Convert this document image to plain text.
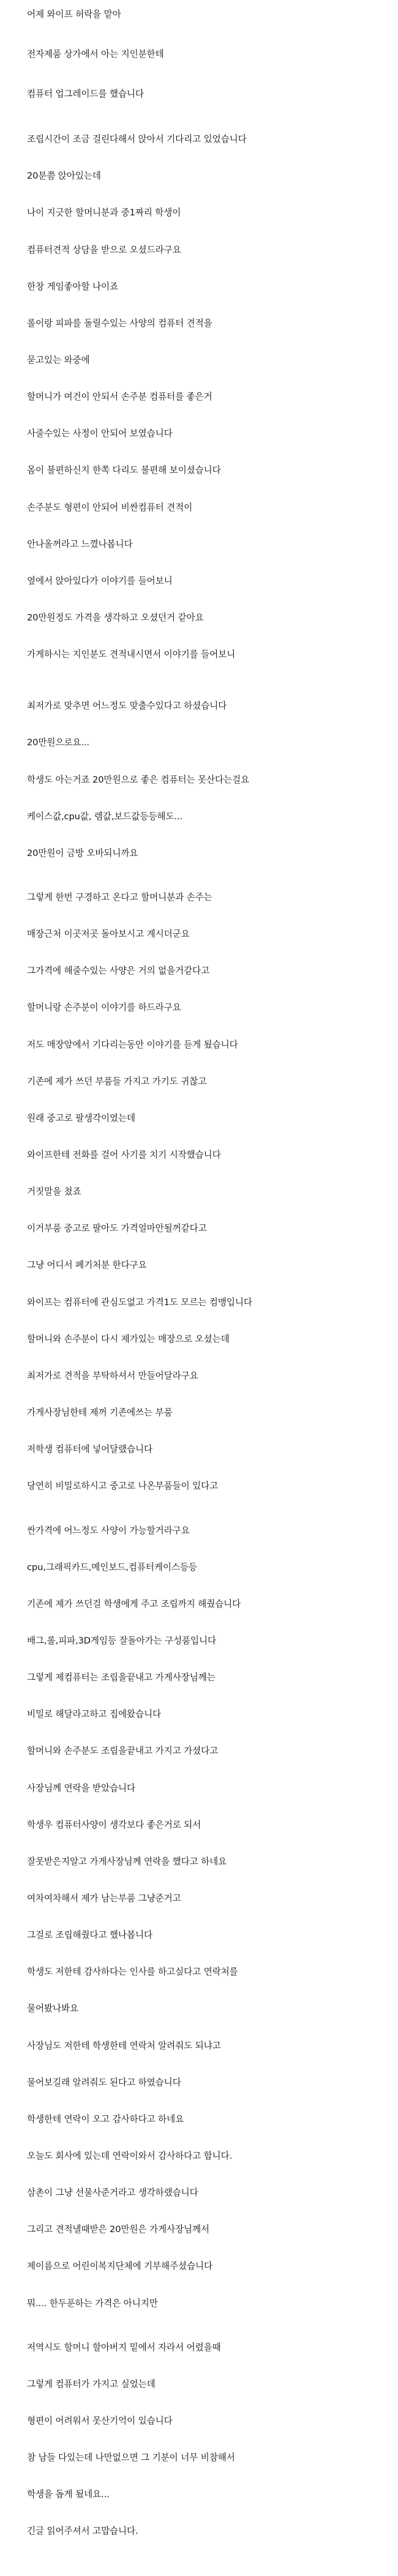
어제 와이프 허락을 맡아
전자제품 상가에서 아는 지인분한테
컴퓨터 업그레이드를 했습니다
조립시간이 조금 걸린다해서 앉아서 기다리고 있었습니다
20분쯤 앉아있는데
나이 지긋한 할머니분과 중1짜리 학생이
컴퓨터견적 상담을 받으로 오셨드라구요
한창 게임좋아할 나이죠
롤이랑 피파를 돌릴수있는 사양의 컴퓨터 견적을
묻고있는 와중에
할머니가 여건이 안되서 손주분 컴퓨터를 좋은거
사줄수있는 사정이 안되어 보였습니다
몸이 불편하신지 한쪽 다리도 불편해 보이셨습니다
손주분도 형편이 안되어 비싼컴퓨터 견적이
안나올꺼라고 느꼈나봅니다
옆에서 앉아있다가 이야기를 들어보니
20만원정도 가격을 생각하고 오셨던거 같아요
가게하시는 지인분도 견적내시면서 이야기를 들어보니
최저가로 맞추면 어느정도 맞출수있다고 하셨습니다
20만원으로요...
학생도 아는거죠 20만원으로 좋은 컴퓨터는 못산다는걸요
케이스값,cpu값, 렘값,보드값등등해도...
20만원이 금방 오바되니까요
그렇게 한번 구경하고 온다고 할머니분과 손주는
매장근처 이곳저곳 돌아보시고 계시더군요
그가격에 해줄수있는 사양은 거의 없을거같다고
할머니랑 손주분이 이야기를 하드라구요
저도 매장앞에서 기다리는동안 이야기를 듣게 됬습니다
기존에 제가 쓰던 부품들 가지고 가기도 귀찮고
원래 중고로 팔생각이였는데
와이프한테 전화를 걸어 사기를 치기 시작했습니다
거짓말을 쳤죠
이거부품 중고로 팔아도 가격얼마안될꺼같다고
그냥 어디서 폐기처분 한다구요
와이프는 컴퓨터에 관심도없고 가격1도 모르는 컴맹입니다
할머니와 손주분이 다시 제가있는 매장으로 오셨는데
최저가로 견적을 부탁하셔서 만들어달라구요
가게사장님한테 제꺼 기존에쓰는 부품
저학생 컴퓨터에 넣어달랬습니다
당연히 비밀로하시고 중고로 나온부품들이 있다고
싼가격에 어느정도 사양이 가능할거라구요
cpu,그래픽카드,메인보드,컴퓨터케이스등등
기존에 제가 쓰던걸 학생에게 주고 조립까지 해줬습니다
배그,롤,피파,3D게임등 잘돌아가는 구성품입니다
그렇게 제컴퓨터는 조립을끝내고 가게사장님께는
비밀로 해달라고하고 집에왔습니다
할머니와 손주분도 조립을끝내고 가지고 가셨다고
사장님께 연락을 받았습니다
학생우 컴퓨터사양이 생각보다 좋은거로 되서
잘못받은지알고 가게사장님께 연락을 했다고 하네요
여차여차해서 제가 남는부품 그냥준거고
그걸로 조립해줬다고 했나봅니다
학생도 저한테 감사하다는 인사를 하고싶다고 연락처를
물어봤나봐요
사장님도 저한테 학생한테 연락처 알려줘도 되냐고
물어보길래 알려줘도 된다고 하였습니다
학생한테 연락이 오고 감사하다고 하네요
오늘도 회사에 있는데 연락이와서 감사하다고 합니다.
삼촌이 그냥 선물사준거라고 생각하랬습니다
그리고 견적낼때받은 20만원은 가게사장님께서
제이름으로 어린이복지단체에 기부해주셨습니다
뭐.... 한두푼하는 가격은 아니지만
저역시도 할머니 할아버지 밑에서 자라서 어렸을때
그렇게 컴퓨터가 가지고 싶었는데
형편이 어려워서 못산기억이 있습니다
참 남들 다있는데 나만없으면 그 기분이 너무 비참해서
학생을 돕게 됬네요...
긴글 읽어주셔서 고맙습니다.
